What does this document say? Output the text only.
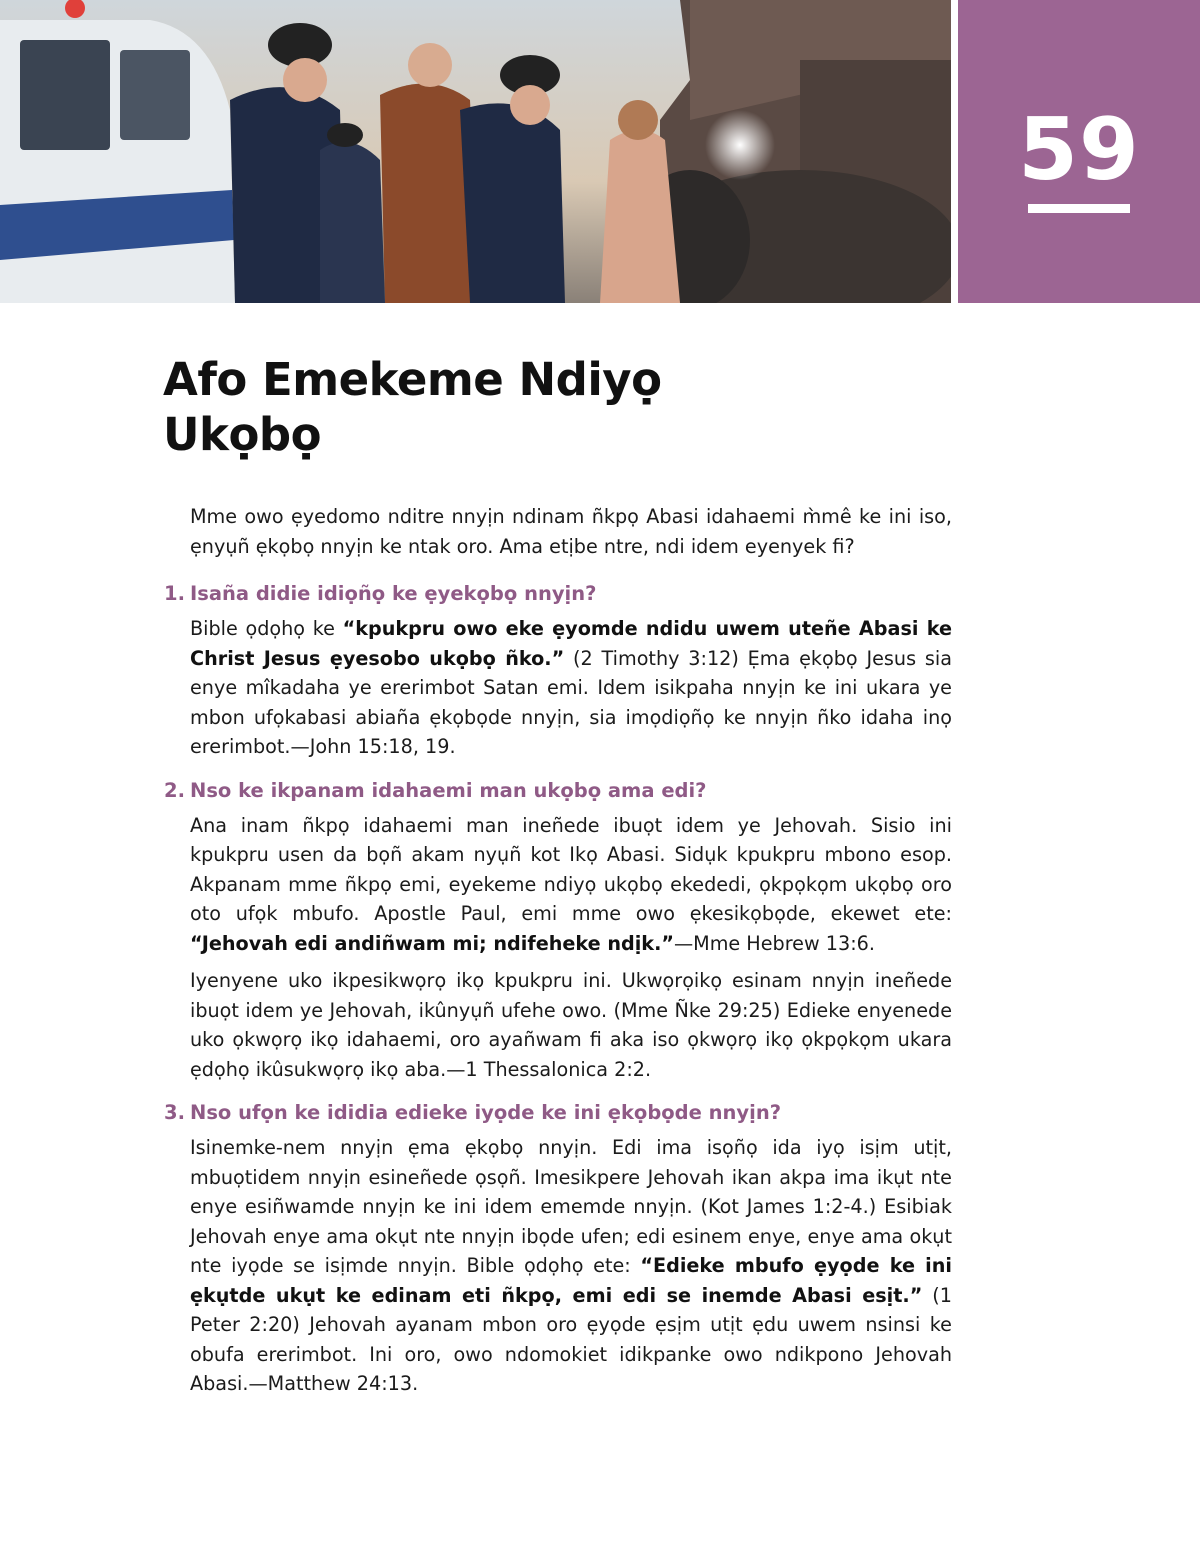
59
Afo Emekeme Ndiyọ
Ukọbọ

Mme owo ẹyedomo nditre nnyịn ndinam ñkpọ Abasi idahaemi m̀mê ke ini iso, ẹnyụñ ẹkọbọ nnyịn ke ntak oro. Ama etịbe ntre, ndi idem eyenyek fi?

1. Isaña didie idiọñọ ke ẹyekọbọ nnyịn?

Bible ọdọhọ ke “kpukpru owo eke ẹyomde ndidu uwem uteñe Abasi ke Christ Jesus ẹyesobo ukọbọ ñko.” (2 Timothy 3:12) Ẹma ẹkọbọ Jesus sia enye mîkadaha ye ererimbot Satan emi. Idem isikpaha nnyịn ke ini ukara ye mbon ufọkabasi abiaña ẹkọbọde nnyịn, sia imọdiọñọ ke nnyịn ñko idaha inọ ererimbot.—John 15:18, 19.

2. Nso ke ikpanam idahaemi man ukọbọ ama edi?

Ana inam ñkpọ idahaemi man ineñede ibuọt idem ye Jehovah. Sisio ini kpukpru usen da bọñ akam nyụñ kot Ikọ Abasi. Sidụk kpukpru mbono esop. Akpanam mme ñkpọ emi, eyekeme ndiyọ ukọbọ ekededi, ọkpọkọm ukọbọ oro oto ufọk mbufo. Apostle Paul, emi mme owo ẹkesikọbọde, ekewet ete: “Jehovah edi andiñwam mi; ndifeheke ndịk.”—Mme Hebrew 13:6.

Iyenyene uko ikpesikwọrọ ikọ kpukpru ini. Ukwọrọikọ esinam nnyịn ineñede ibuọt idem ye Jehovah, ikûnyụñ ufehe owo. (Mme Ñke 29:25) Edieke enyenede uko ọkwọrọ ikọ idahaemi, oro ayañwam fi aka iso ọkwọrọ ikọ ọkpọkọm ukara ẹdọhọ ikûsukwọrọ ikọ aba.—1 Thessalonica 2:2.

3. Nso ufọn ke ididia edieke iyọde ke ini ẹkọbọde nnyịn?

Isinemke-nem nnyịn ẹma ẹkọbọ nnyịn. Edi ima isọñọ ida iyọ isịm utịt, mbuọtidem nnyịn esineñede ọsọñ. Imesikpere Jehovah ikan akpa ima ikụt nte enye esiñwamde nnyịn ke ini idem ememde nnyịn. (Kot James 1:2-4.) Esibiak Jehovah enye ama okụt nte nnyịn ibọde ufen; edi esinem enye, enye ama okụt nte iyọde se isịmde nnyịn. Bible ọdọhọ ete: “Edieke mbufo ẹyọde ke ini ẹkụtde ukụt ke edinam eti ñkpọ, emi edi se inemde Abasi esịt.” (1 Peter 2:20) Jehovah ayanam mbon oro ẹyọde ẹsịm utịt ẹdu uwem nsinsi ke obufa ererimbot. Ini oro, owo ndomokiet idikpanke owo ndikpono Jehovah Abasi.—Matthew 24:13.
